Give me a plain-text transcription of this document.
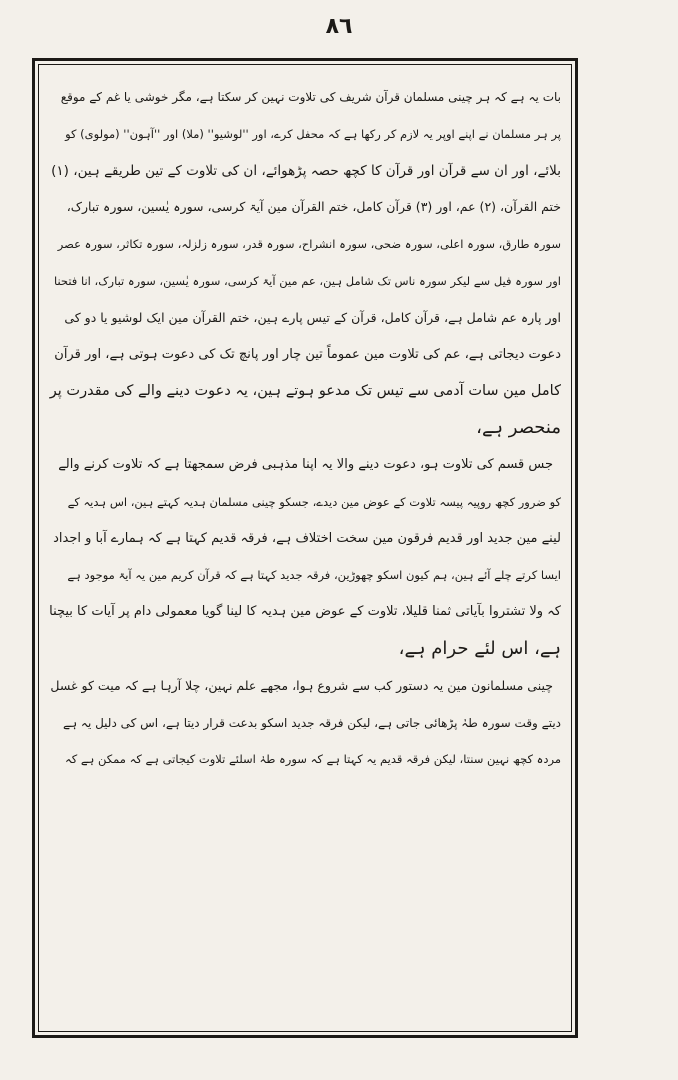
٨٦
بات یہ ہے کہ ہر چینی مسلمان قرآن شریف کی تلاوت نہین کر سکتا ہے، مگر خوشی یا غم کے موقع
پر ہر مسلمان نے اپنے اوپر یہ لازم کر رکھا ہے کہ محفل کرے، اور ''لوشیو'' (ملا) اور ''آہون'' (مولوی) کو
بلائے، اور ان سے قرآن اور قرآن کا کچھ حصہ پڑھوائے، ان کی تلاوت کے تین طریقے ہین، (۱)
ختم القرآن، (۲) عم، اور (۳) قرآن کامل، ختم القرآن مین آیۃ کرسی، سورہ یٰسین، سورہ تبارک،
سورہ طارق، سورہ اعلی، سورہ ضحی، سورہ انشراح، سورہ قدر، سورہ زلزلہ، سورہ تکاثر، سورہ عصر
اور سورہ فیل سے لیکر سورہ ناس تک شامل ہین، عم مین آیۃ کرسی، سورہ یٰسین، سورہ تبارک، انا فتحنا
اور پارہ عم شامل ہے، قرآن کامل، قرآن کے تیس پارے ہین، ختم القرآن مین ایک لوشیو یا دو کی
دعوت دیجاتی ہے، عم کی تلاوت مین عموماً تین چار اور پانچ تک کی دعوت ہوتی ہے، اور قرآن
کامل مین سات آدمی سے تیس تک مدعو ہوتے ہین، یہ دعوت دینے والے کی مقدرت پر
منحصر ہے،
جس قسم کی تلاوت ہو، دعوت دینے والا یہ اپنا مذہبی فرض سمجھتا ہے کہ تلاوت کرنے والے
کو ضرور کچھ روپیہ پیسہ تلاوت کے عوض مین دیدے، جسکو چینی مسلمان ہدیہ کہتے ہین، اس ہدیہ کے
لینے مین جدید اور قدیم فرقون مین سخت اختلاف ہے، فرقہ قدیم کہتا ہے کہ ہمارے آبا و اجداد
ایسا کرتے چلے آئے ہین، ہم کیون اسکو چھوڑین، فرقہ جدید کہتا ہے کہ قرآن کریم مین یہ آیۃ موجود ہے
کہ ولا تشتروا بآیاتی ثمنا قلیلا، تلاوت کے عوض مین ہدیہ کا لینا گویا معمولی دام پر آیات کا بیچنا
ہے، اس لئے حرام ہے،
چینی مسلمانون مین یہ دستور کب سے شروع ہوا، مجھے علم نہین، چلا آرہا ہے کہ میت کو غسل
دیتے وقت سورہ طہٰ پڑھائی جاتی ہے، لیکن فرقہ جدید اسکو بدعت قرار دیتا ہے، اس کی دلیل یہ ہے
مردہ کچھ نہین سنتا، لیکن فرقہ قدیم یہ کہتا ہے کہ سورہ طہٰ اسلئے تلاوت کیجاتی ہے کہ ممکن ہے کہ
